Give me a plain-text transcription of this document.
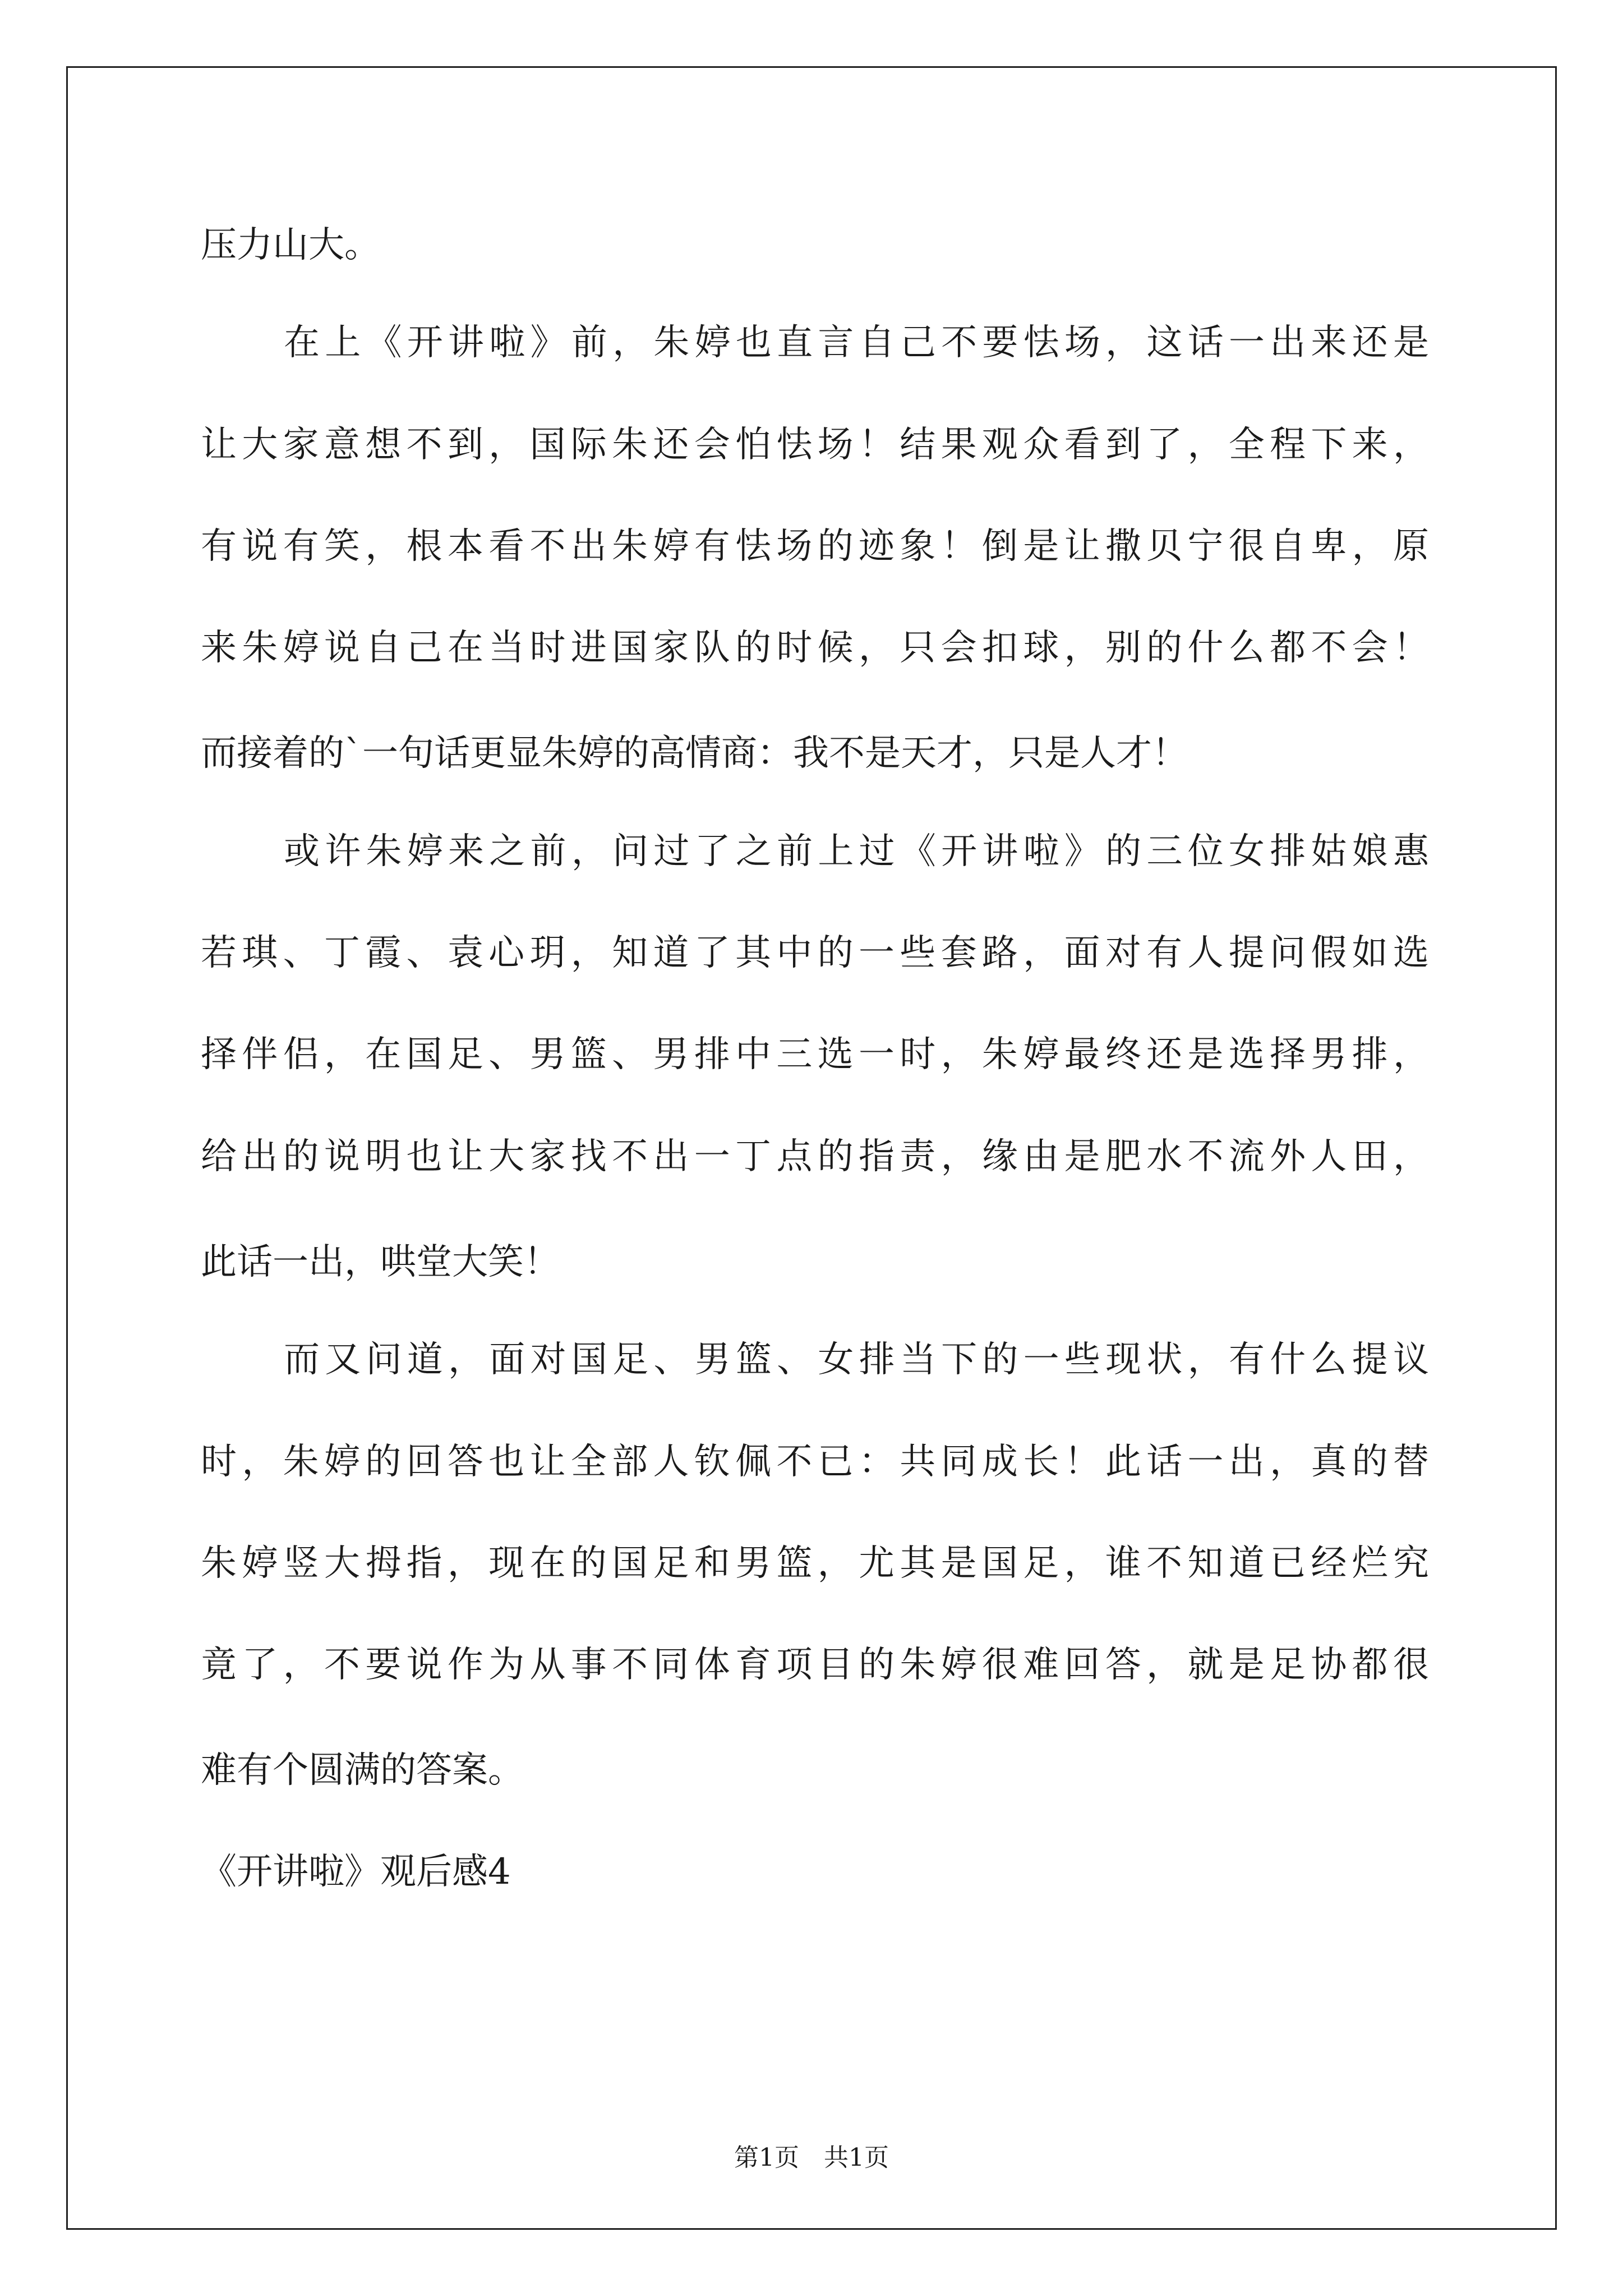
压力山大。
在上《开讲啦》前，朱婷也直言自己不要怯场，这话一出来还是
让大家意想不到，国际朱还会怕怯场！结果观众看到了，全程下来，
有说有笑，根本看不出朱婷有怯场的迹象！倒是让撒贝宁很自卑，原
来朱婷说自己在当时进国家队的时候，只会扣球，别的什么都不会！
而接着的`一句话更显朱婷的高情商：我不是天才，只是人才！
或许朱婷来之前，问过了之前上过《开讲啦》的三位女排姑娘惠
若琪、丁霞、袁心玥，知道了其中的一些套路，面对有人提问假如选
择伴侣，在国足、男篮、男排中三选一时，朱婷最终还是选择男排，
给出的说明也让大家找不出一丁点的指责，缘由是肥水不流外人田，
此话一出，哄堂大笑！
而又问道，面对国足、男篮、女排当下的一些现状，有什么提议
时，朱婷的回答也让全部人钦佩不已：共同成长！此话一出，真的替
朱婷竖大拇指，现在的国足和男篮，尤其是国足，谁不知道已经烂究
竟了，不要说作为从事不同体育项目的朱婷很难回答，就是足协都很
难有个圆满的答案。
《开讲啦》观后感4
第1页　共1页
